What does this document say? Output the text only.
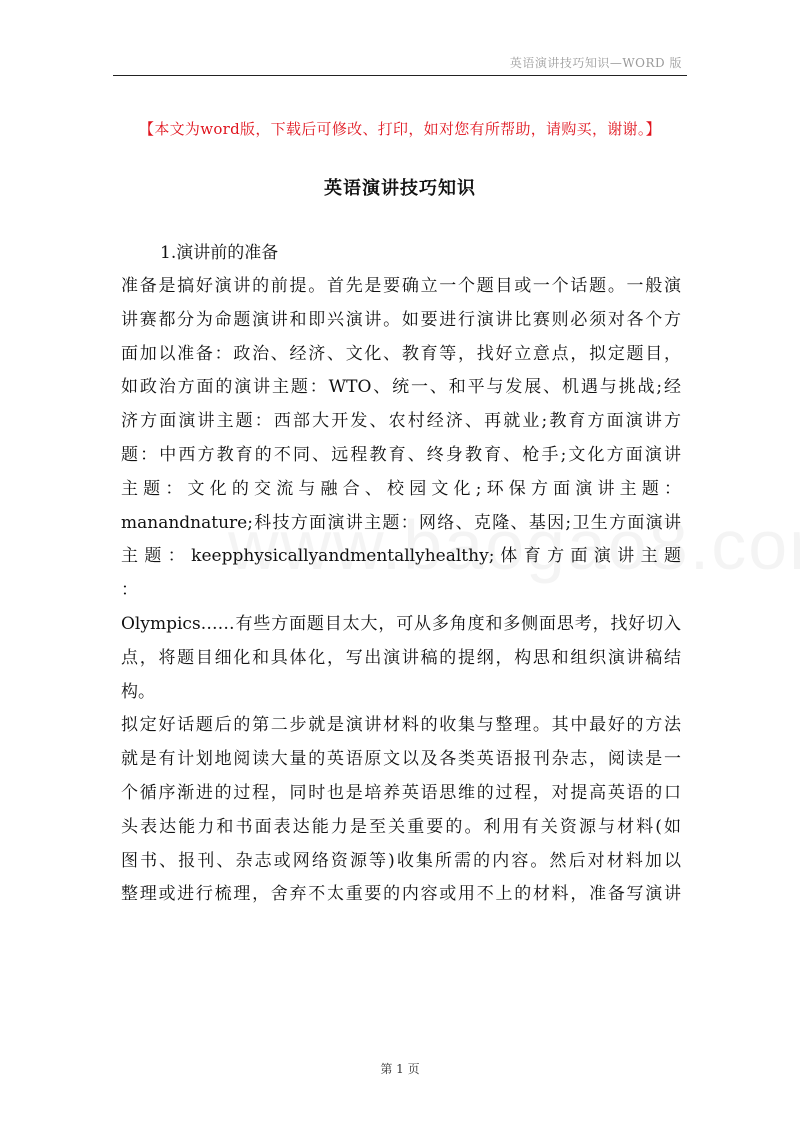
英语演讲技巧知识—WORD 版
【本文为word版，下载后可修改、打印，如对您有所帮助，请购买，谢谢。】
英语演讲技巧知识
1.演讲前的准备
准备是搞好演讲的前提。首先是要确立一个题目或一个话题。一般演
讲赛都分为命题演讲和即兴演讲。如要进行演讲比赛则必须对各个方
面加以准备：政治、经济、文化、教育等，找好立意点，拟定题目，
如政治方面的演讲主题：WTO、统一、和平与发展、机遇与挑战;经
济方面演讲主题：西部大开发、农村经济、再就业;教育方面演讲方
题：中西方教育的不同、远程教育、终身教育、枪手;文化方面演讲
主题：文化的交流与融合、校园文化;环保方面演讲主题：
manandnature;科技方面演讲主题：网络、克隆、基因;卫生方面演讲
主 题 ： keepphysicallyandmentallyhealthy; 体 育 方 面 演 讲 主 题 ：
Olympics……有些方面题目太大，可从多角度和多侧面思考，找好切入
点，将题目细化和具体化，写出演讲稿的提纲，构思和组织演讲稿结
构。
拟定好话题后的第二步就是演讲材料的收集与整理。其中最好的方法
就是有计划地阅读大量的英语原文以及各类英语报刊杂志，阅读是一
个循序渐进的过程，同时也是培养英语思维的过程，对提高英语的口
头表达能力和书面表达能力是至关重要的。利用有关资源与材料(如
图书、报刊、杂志或网络资源等)收集所需的内容。然后对材料加以
整理或进行梳理，舍弃不太重要的内容或用不上的材料，准备写演讲
第 1 页
